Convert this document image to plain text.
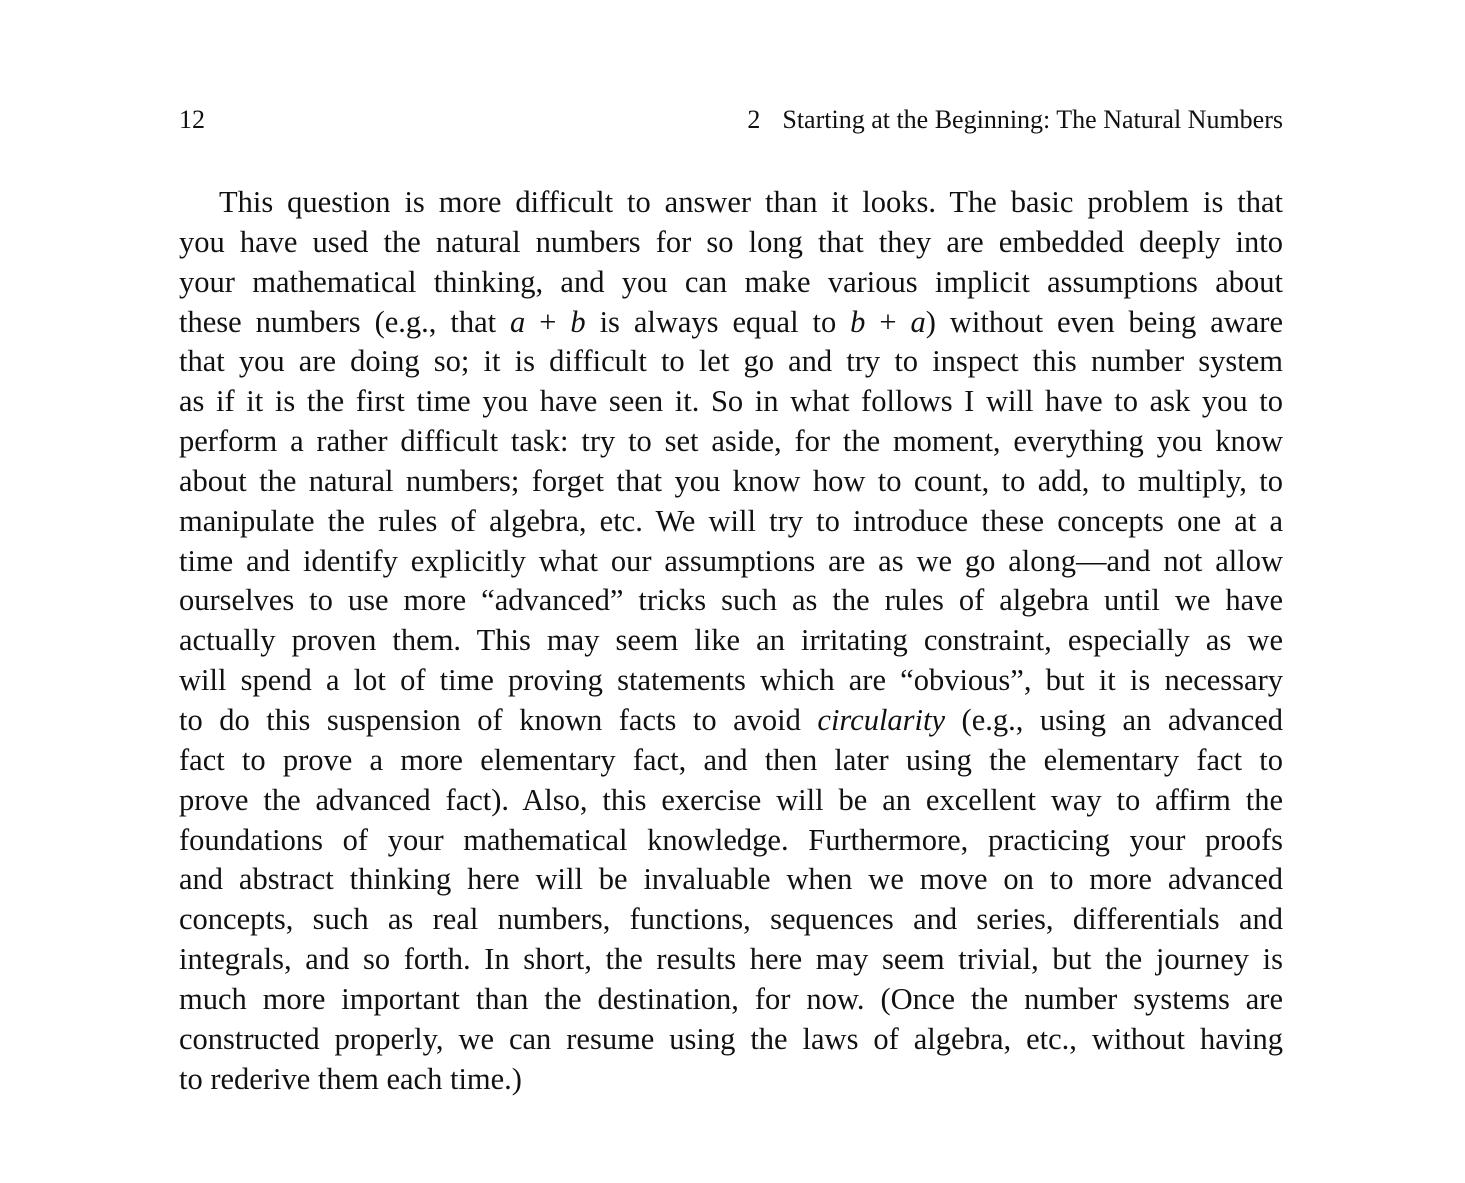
12	2 Starting at the Beginning: The Natural Numbers
This question is more difficult to answer than it looks. The basic problem is that
you have used the natural numbers for so long that they are embedded deeply into
your mathematical thinking, and you can make various implicit assumptions about
these numbers (e.g., that a + b is always equal to b + a) without even being aware
that you are doing so; it is difficult to let go and try to inspect this number system
as if it is the first time you have seen it. So in what follows I will have to ask you to
perform a rather difficult task: try to set aside, for the moment, everything you know
about the natural numbers; forget that you know how to count, to add, to multiply, to
manipulate the rules of algebra, etc. We will try to introduce these concepts one at a
time and identify explicitly what our assumptions are as we go along—and not allow
ourselves to use more “advanced” tricks such as the rules of algebra until we have
actually proven them. This may seem like an irritating constraint, especially as we
will spend a lot of time proving statements which are “obvious”, but it is necessary
to do this suspension of known facts to avoid circularity (e.g., using an advanced
fact to prove a more elementary fact, and then later using the elementary fact to
prove the advanced fact). Also, this exercise will be an excellent way to affirm the
foundations of your mathematical knowledge. Furthermore, practicing your proofs
and abstract thinking here will be invaluable when we move on to more advanced
concepts, such as real numbers, functions, sequences and series, differentials and
integrals, and so forth. In short, the results here may seem trivial, but the journey is
much more important than the destination, for now. (Once the number systems are
constructed properly, we can resume using the laws of algebra, etc., without having
to rederive them each time.)
